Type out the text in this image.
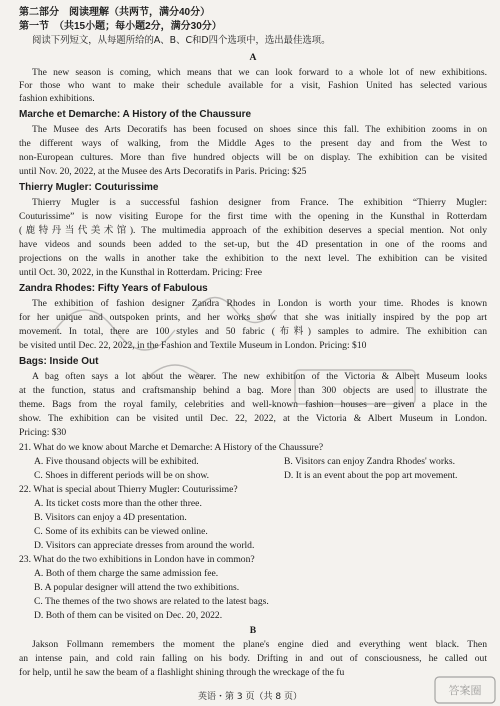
第二部分　阅读理解（共两节，满分40分）
第一节　（共15小题；每小题2分，满分30分）
阅读下列短文，从每题所给的A、B、C和D四个选项中，选出最佳选项。
A
The new season is coming, which means that we can look forward to a whole lot of new exhibitions.
For those who want to make their schedule available for a visit, Fashion United has selected various
fashion exhibitions.
Marche et Demarche: A History of the Chaussure
The Musee des Arts Decoratifs has been focused on shoes since this fall. The exhibition zooms in on
the different ways of walking, from the Middle Ages to the present day and from the West to
non-European cultures. More than five hundred objects will be on display. The exhibition can be visited
until Nov. 20, 2022, at the Musee des Arts Decoratifs in Paris. Pricing: $25
Thierry Mugler: Couturissime
Thierry Mugler is a successful fashion designer from France. The exhibition “Thierry Mugler:
Couturissime” is now visiting Europe for the first time with the opening in the Kunsthal in Rotterdam
(鹿特丹当代美术馆). The multimedia approach of the exhibition deserves a special mention. Not only
have videos and sounds been added to the set-up, but the 4D presentation in one of the rooms and
projections on the walls in another take the exhibition to the next level. The exhibition can be visited
until Oct. 30, 2022, in the Kunsthal in Rotterdam. Pricing: Free
Zandra Rhodes: Fifty Years of Fabulous
The exhibition of fashion designer Zandra Rhodes in London is worth your time. Rhodes is known
for her unique and outspoken prints, and her works show that she was initially inspired by the pop art
movement. In total, there are 100 styles and 50 fabric (布料) samples to admire. The exhibition can
be visited until Dec. 22, 2022, in the Fashion and Textile Museum in London. Pricing: $10
Bags: Inside Out
A bag often says a lot about the wearer. The new exhibition of the Victoria & Albert Museum looks
at the function, status and craftsmanship behind a bag. More than 300 objects are used to illustrate the
theme. Bags from the royal family, celebrities and well-known fashion houses are given a place in the
show. The exhibition can be visited until Dec. 22, 2022, at the Victoria & Albert Museum in London.
Pricing: $30
21. What do we know about Marche et Demarche: A History of the Chaussure?
A. Five thousand objects will be exhibited.	B. Visitors can enjoy Zandra Rhodes' works.
C. Shoes in different periods will be on show.	D. It is an event about the pop art movement.
22. What is special about Thierry Mugler: Couturissime?
A. Its ticket costs more than the other three.
B. Visitors can enjoy a 4D presentation.
C. Some of its exhibits can be viewed online.
D. Visitors can appreciate dresses from around the world.
23. What do the two exhibitions in London have in common?
A. Both of them charge the same admission fee.
B. A popular designer will attend the two exhibitions.
C. The themes of the two shows are related to the latest bags.
D. Both of them can be visited on Dec. 20, 2022.
B
Jakson Follmann remembers the moment the plane's engine died and everything went black. Then
an intense pain, and cold rain falling on his body. Drifting in and out of consciousness, he called out
for help, until he saw the beam of a flashlight shining through the wreckage of the fu
英语・第 3 页（共 8 页）	答案圈
